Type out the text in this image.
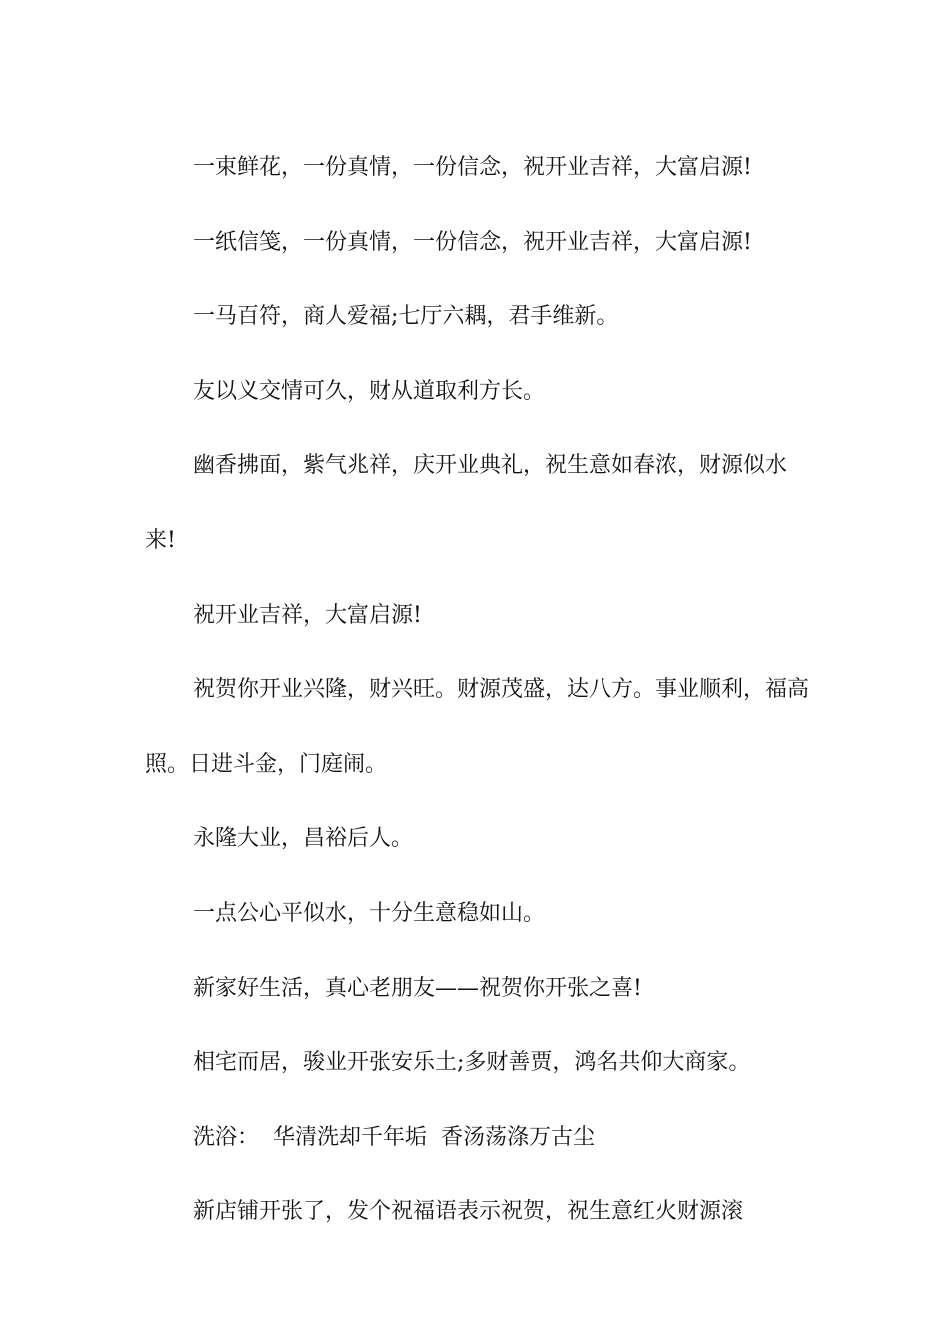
一束鲜花，一份真情，一份信念，祝开业吉祥，大富启源!

一纸信笺，一份真情，一份信念，祝开业吉祥，大富启源!

一马百符，商人爱福;七厅六耦，君手维新。

友以义交情可久，财从道取利方长。

幽香拂面，紫气兆祥，庆开业典礼，祝生意如春浓，财源似水来!

祝开业吉祥，大富启源!

祝贺你开业兴隆，财兴旺。财源茂盛，达八方。事业顺利，福高照。日进斗金，门庭闹。

永隆大业，昌裕后人。

一点公心平似水，十分生意稳如山。

新家好生活，真心老朋友——祝贺你开张之喜!

相宅而居，骏业开张安乐土;多财善贾，鸿名共仰大商家。

洗浴：  华清洗却千年垢  香汤荡涤万古尘

新店铺开张了，发个祝福语表示祝贺，祝生意红火财源滚
